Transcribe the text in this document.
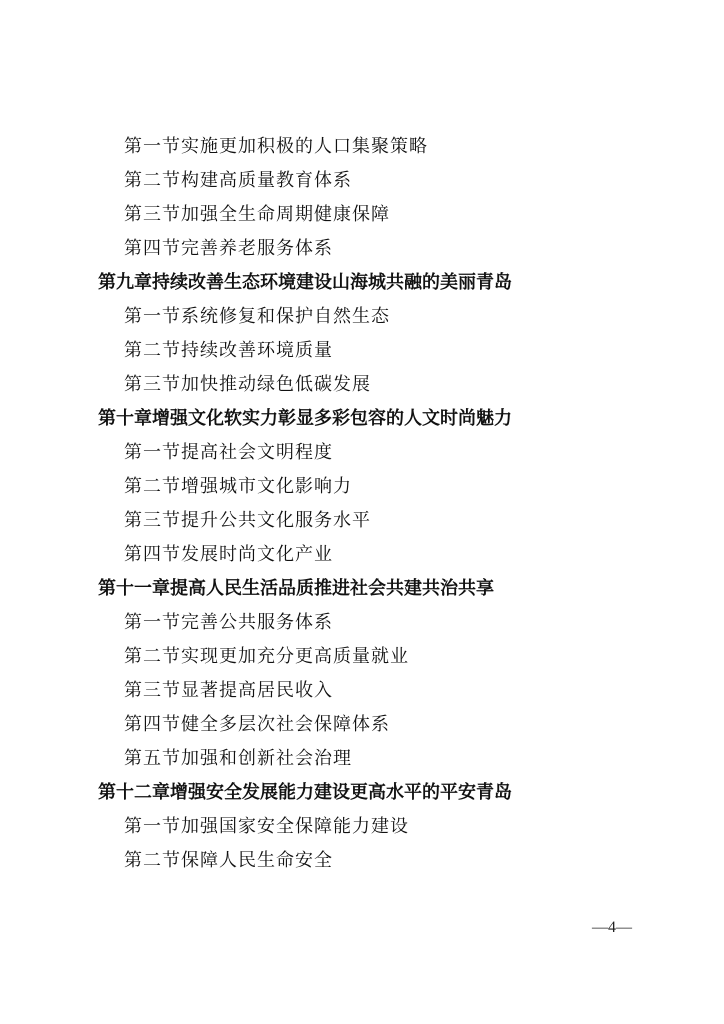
第一节实施更加积极的人口集聚策略
第二节构建高质量教育体系
第三节加强全生命周期健康保障
第四节完善养老服务体系
第九章持续改善生态环境建设山海城共融的美丽青岛
第一节系统修复和保护自然生态
第二节持续改善环境质量
第三节加快推动绿色低碳发展
第十章增强文化软实力彰显多彩包容的人文时尚魅力
第一节提高社会文明程度
第二节增强城市文化影响力
第三节提升公共文化服务水平
第四节发展时尚文化产业
第十一章提高人民生活品质推进社会共建共治共享
第一节完善公共服务体系
第二节实现更加充分更高质量就业
第三节显著提高居民收入
第四节健全多层次社会保障体系
第五节加强和创新社会治理
第十二章增强安全发展能力建设更高水平的平安青岛
第一节加强国家安全保障能力建设
第二节保障人民生命安全
—4—
